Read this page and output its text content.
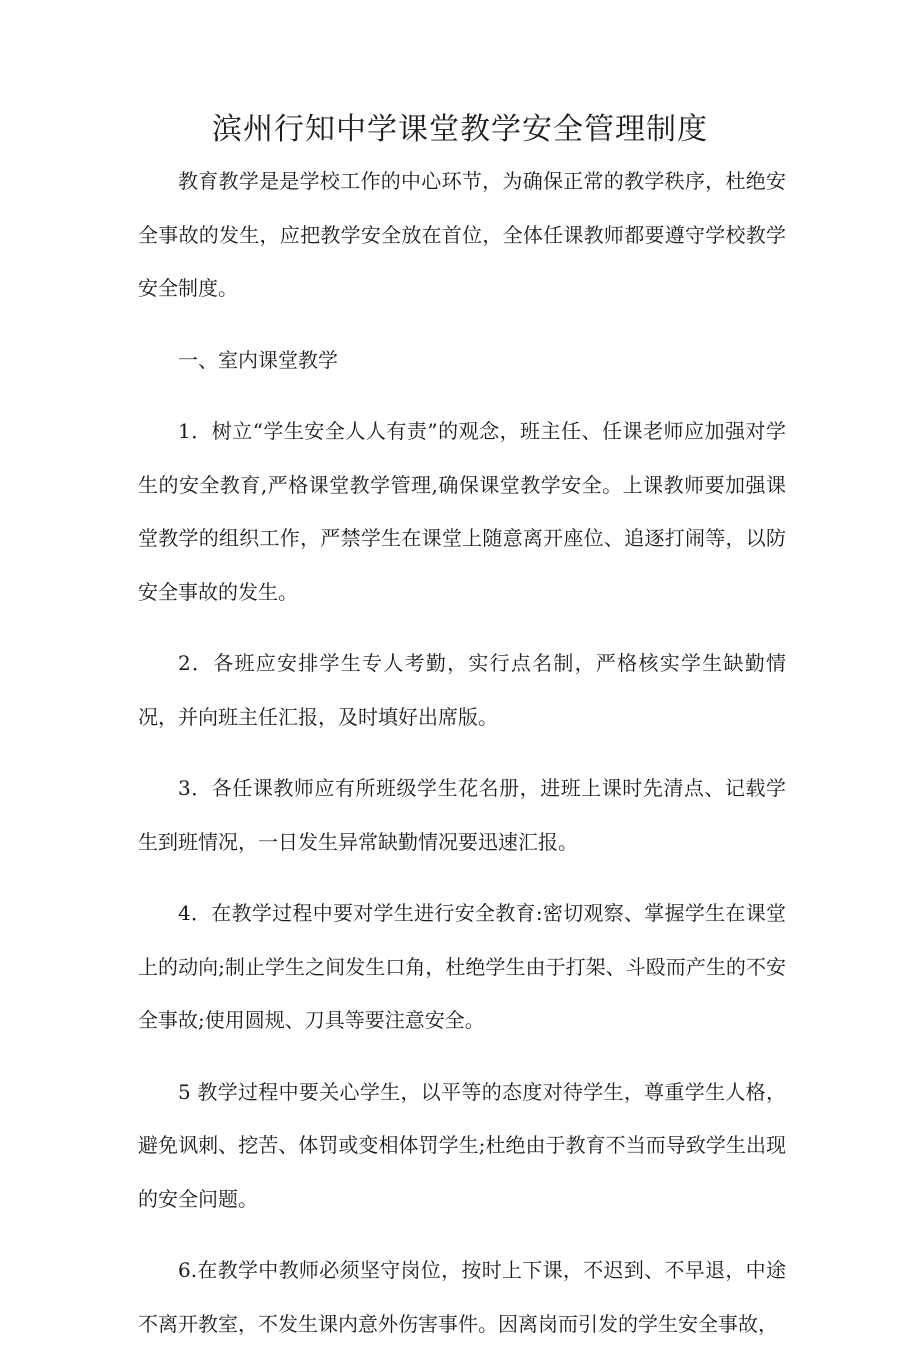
滨州行知中学课堂教学安全管理制度

教育教学是是学校工作的中心环节，为确保正常的教学秩序，杜绝安全事故的发生，应把教学安全放在首位，全体任课教师都要遵守学校教学安全制度。

一、室内课堂教学

1．树立“学生安全人人有责”的观念，班主任、任课老师应加强对学生的安全教育,严格课堂教学管理,确保课堂教学安全。上课教师要加强课堂教学的组织工作，严禁学生在课堂上随意离开座位、追逐打闹等，以防安全事故的发生。

2．各班应安排学生专人考勤，实行点名制，严格核实学生缺勤情况，并向班主任汇报，及时填好出席版。

3．各任课教师应有所班级学生花名册，进班上课时先清点、记载学生到班情况，一日发生异常缺勤情况要迅速汇报。

4．在教学过程中要对学生进行安全教育:密切观察、掌握学生在课堂上的动向;制止学生之间发生口角，杜绝学生由于打架、斗殴而产生的不安全事故;使用圆规、刀具等要注意安全。

5 教学过程中要关心学生，以平等的态度对待学生，尊重学生人格，避免讽刺、挖苦、体罚或变相体罚学生;杜绝由于教育不当而导致学生出现的安全问题。

6.在教学中教师必须坚守岗位，按时上下课，不迟到、不早退，中途不离开教室，不发生课内意外伤害事件。因离岗而引发的学生安全事故，
